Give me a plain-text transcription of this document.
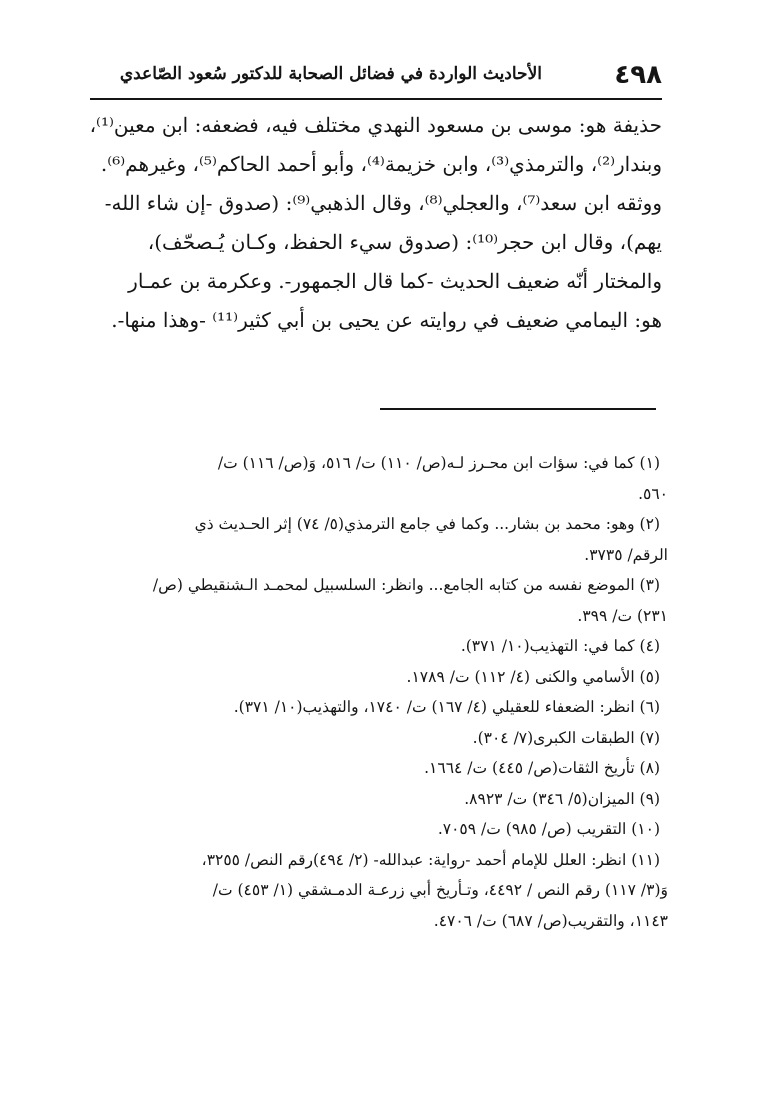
٤٩٨
الأحاديث الواردة في فضائل الصحابة للدكتور سُعود الصّاعدي
حذيفة هو: موسى بن مسعود النهدي مختلف فيه، فضعفه: ابن معين⁽¹⁾،
وبندار⁽²⁾، والترمذي⁽³⁾، وابن خزيمة⁽⁴⁾، وأبو أحمد الحاكم⁽⁵⁾، وغيرهم⁽⁶⁾.
ووثقه ابن سعد⁽⁷⁾، والعجلي⁽⁸⁾، وقال الذهبي⁽⁹⁾: (صدوق -إن شاء الله-
يهم)، وقال ابن حجر⁽¹⁰⁾: (صدوق سيء الحفظ، وكـان يُـصحّف)،
والمختار أنّه ضعيف الحديث -كما قال الجمهور-. وعكرمة بن عمـار
هو: اليمامي ضعيف في روايته عن يحيى بن أبي كثير⁽¹¹⁾ -وهذا منها-.
(١) كما في: سؤات ابن محـرز لـه(ص/ ١١٠) ت/ ٥١٦، وَ(ص/ ١١٦) ت/
٥٦٠.
(٢) وهو: محمد بن بشار... وكما في جامع الترمذي(٥/ ٧٤) إثر الحـديث ذي
الرقم/ ٣٧٣٥.
(٣) الموضع نفسه من كتابه الجامع... وانظر: السلسبيل لمحمـد الـشنقيطي (ص/
٢٣١) ت/ ٣٩٩.
(٤) كما في: التهذيب(١٠/ ٣٧١).
(٥) الأسامي والكنى (٤/ ١١٢) ت/ ١٧٨٩.
(٦) انظر: الضعفاء للعقيلي (٤/ ١٦٧) ت/ ١٧٤٠، والتهذيب(١٠/ ٣٧١).
(٧) الطبقات الكبرى(٧/ ٣٠٤).
(٨) تأريخ الثقات(ص/ ٤٤٥) ت/ ١٦٦٤.
(٩) الميزان(٥/ ٣٤٦) ت/ ٨٩٢٣.
(١٠) التقريب (ص/ ٩٨٥) ت/ ٧٠٥٩.
(١١) انظر: العلل للإمام أحمد -رواية: عبدالله- (٢/ ٤٩٤)رقم النص/ ٣٢٥٥،
وَ(٣/ ١١٧) رقم النص / ٤٤٩٢، وتـأريخ أبي زرعـة الدمـشقي (١/ ٤٥٣) ت/
١١٤٣، والتقريب(ص/ ٦٨٧) ت/ ٤٧٠٦.
